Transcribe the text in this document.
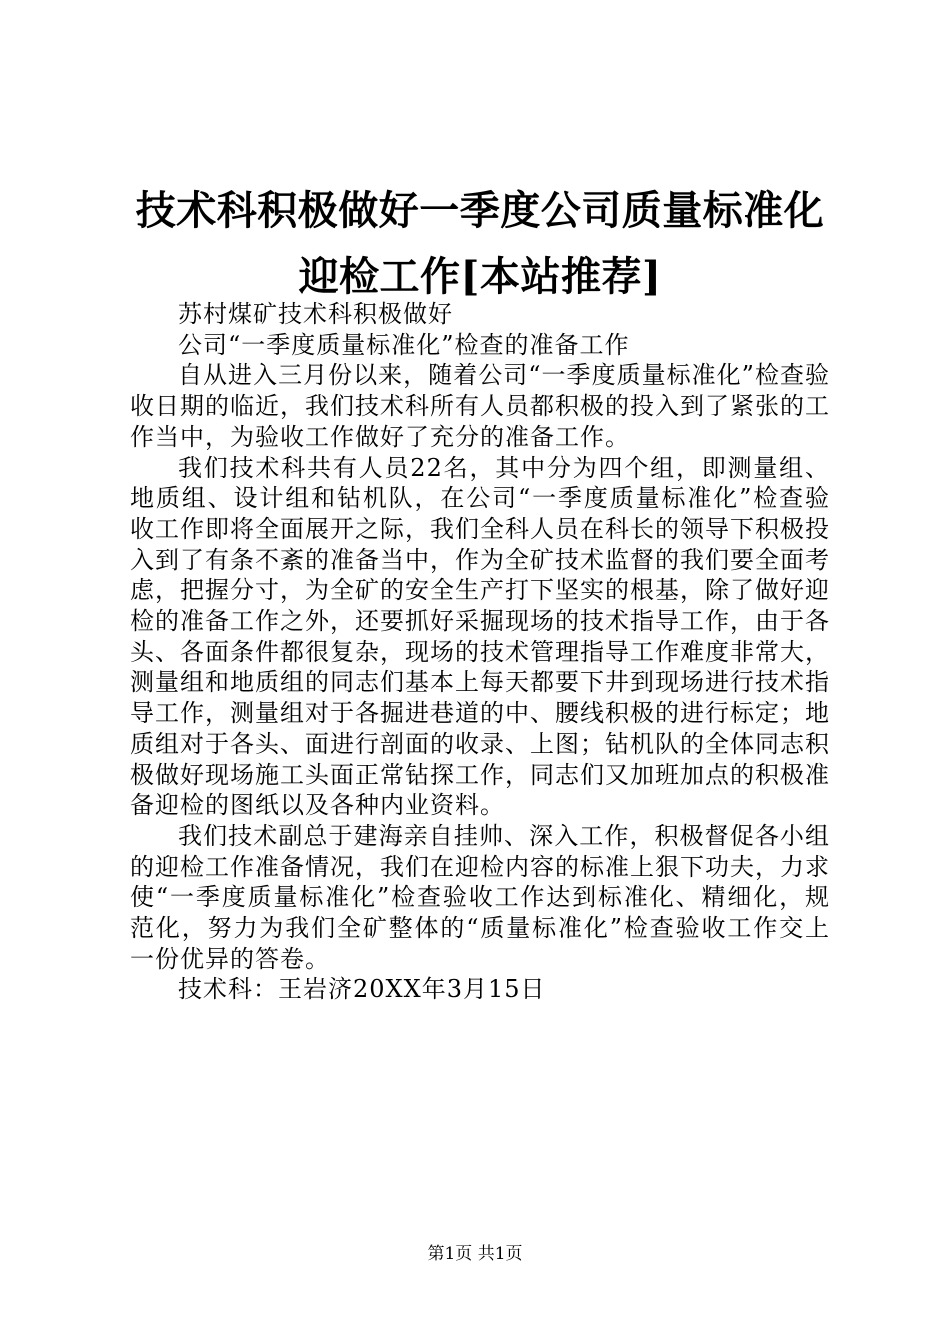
技术科积极做好一季度公司质量标准化迎检工作[本站推荐]

苏村煤矿技术科积极做好

公司“一季度质量标准化”检查的准备工作

自从进入三月份以来，随着公司“一季度质量标准化”检查验收日期的临近，我们技术科所有人员都积极的投入到了紧张的工作当中，为验收工作做好了充分的准备工作。

我们技术科共有人员22名，其中分为四个组，即测量组、地质组、设计组和钻机队，在公司“一季度质量标准化”检查验收工作即将全面展开之际，我们全科人员在科长的领导下积极投入到了有条不紊的准备当中，作为全矿技术监督的我们要全面考虑，把握分寸，为全矿的安全生产打下坚实的根基，除了做好迎检的准备工作之外，还要抓好采掘现场的技术指导工作，由于各头、各面条件都很复杂，现场的技术管理指导工作难度非常大，测量组和地质组的同志们基本上每天都要下井到现场进行技术指导工作，测量组对于各掘进巷道的中、腰线积极的进行标定；地质组对于各头、面进行剖面的收录、上图；钻机队的全体同志积极做好现场施工头面正常钻探工作，同志们又加班加点的积极准备迎检的图纸以及各种内业资料。

我们技术副总于建海亲自挂帅、深入工作，积极督促各小组的迎检工作准备情况，我们在迎检内容的标准上狠下功夫，力求使“一季度质量标准化”检查验收工作达到标准化、精细化，规范化，努力为我们全矿整体的“质量标准化”检查验收工作交上一份优异的答卷。

技术科：王岩济20XX年3月15日

第1页 共1页
